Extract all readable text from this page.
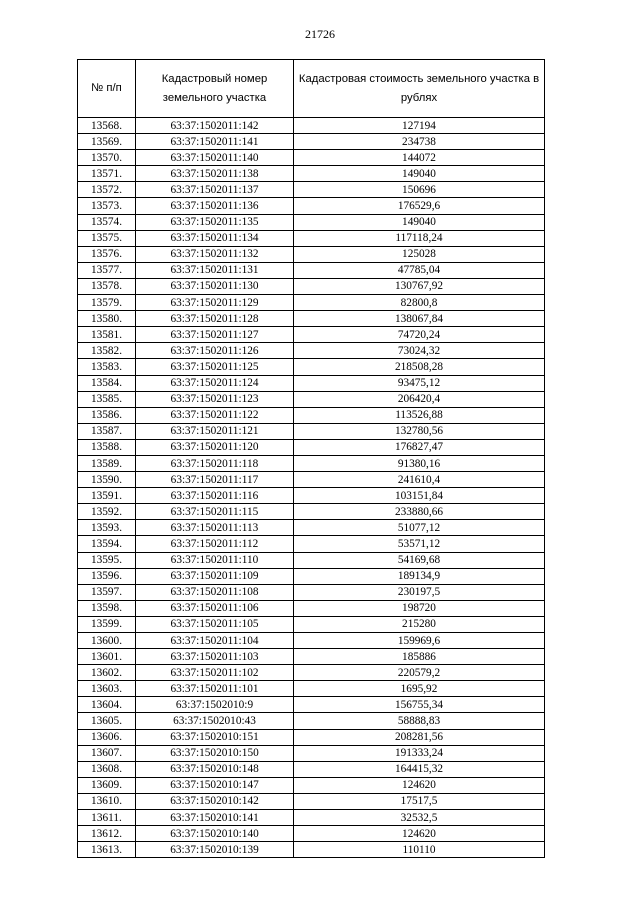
21726
№ п/п	Кадастровый номер земельного участка	Кадастровая стоимость земельного участка в рублях
13568.	63:37:1502011:142	127194
13569.	63:37:1502011:141	234738
13570.	63:37:1502011:140	144072
13571.	63:37:1502011:138	149040
13572.	63:37:1502011:137	150696
13573.	63:37:1502011:136	176529,6
13574.	63:37:1502011:135	149040
13575.	63:37:1502011:134	117118,24
13576.	63:37:1502011:132	125028
13577.	63:37:1502011:131	47785,04
13578.	63:37:1502011:130	130767,92
13579.	63:37:1502011:129	82800,8
13580.	63:37:1502011:128	138067,84
13581.	63:37:1502011:127	74720,24
13582.	63:37:1502011:126	73024,32
13583.	63:37:1502011:125	218508,28
13584.	63:37:1502011:124	93475,12
13585.	63:37:1502011:123	206420,4
13586.	63:37:1502011:122	113526,88
13587.	63:37:1502011:121	132780,56
13588.	63:37:1502011:120	176827,47
13589.	63:37:1502011:118	91380,16
13590.	63:37:1502011:117	241610,4
13591.	63:37:1502011:116	103151,84
13592.	63:37:1502011:115	233880,66
13593.	63:37:1502011:113	51077,12
13594.	63:37:1502011:112	53571,12
13595.	63:37:1502011:110	54169,68
13596.	63:37:1502011:109	189134,9
13597.	63:37:1502011:108	230197,5
13598.	63:37:1502011:106	198720
13599.	63:37:1502011:105	215280
13600.	63:37:1502011:104	159969,6
13601.	63:37:1502011:103	185886
13602.	63:37:1502011:102	220579,2
13603.	63:37:1502011:101	1695,92
13604.	63:37:1502010:9	156755,34
13605.	63:37:1502010:43	58888,83
13606.	63:37:1502010:151	208281,56
13607.	63:37:1502010:150	191333,24
13608.	63:37:1502010:148	164415,32
13609.	63:37:1502010:147	124620
13610.	63:37:1502010:142	17517,5
13611.	63:37:1502010:141	32532,5
13612.	63:37:1502010:140	124620
13613.	63:37:1502010:139	110110
